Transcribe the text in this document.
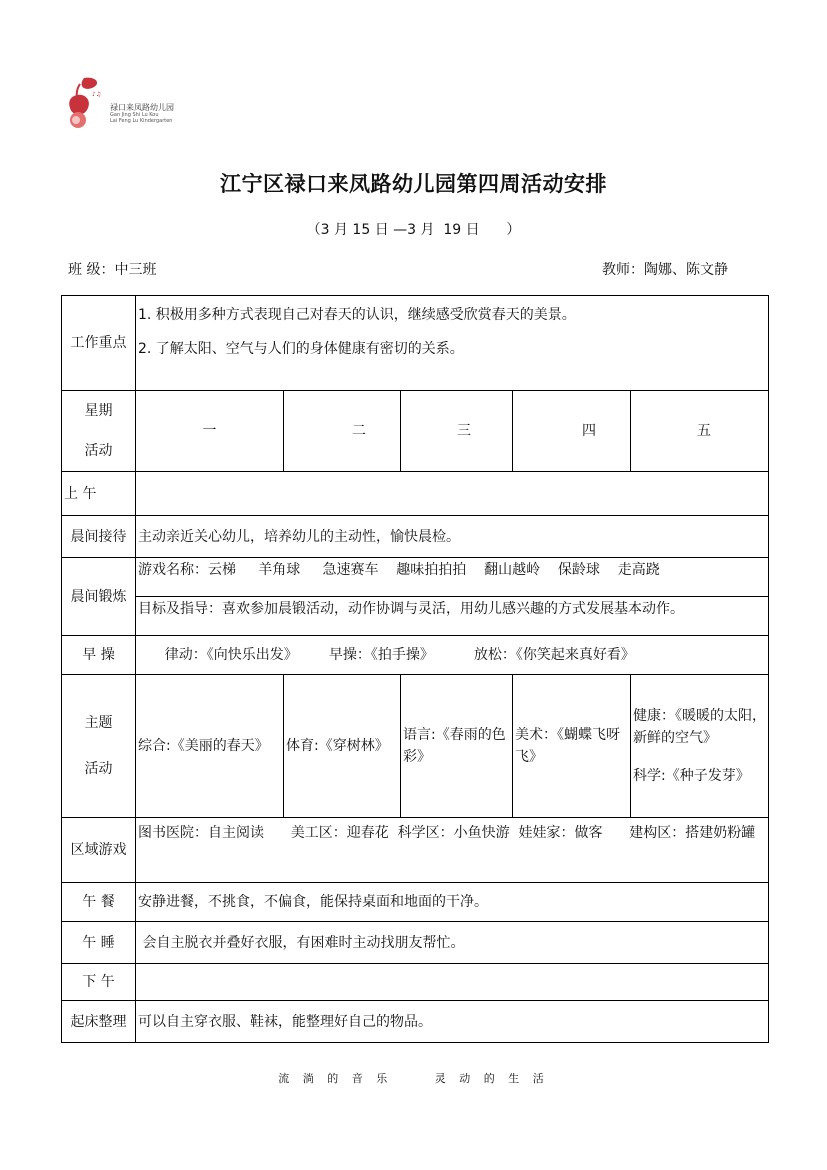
♪♫
禄口来凤路幼儿园
Gan Jing Shi Lu Kou
Lai Feng Lu Kindergarten
江宁区禄口来凤路幼儿园第四周活动安排
（3 月 15 日 —3 月  19 日      ）
班 级：中三班	教师：陶娜、陈文静
工作重点	1. 积极用多种方式表现自己对春天的认识，继续感受欣赏春天的美景。
2. 了解太阳、空气与人们的身体健康有密切的关系。				

星期
活动	一	二	三	四	五
上 午					
晨间接待	主动亲近关心幼儿，培养幼儿的主动性，愉快晨检。				
晨间锻炼	游戏名称：云梯     羊角球     急速赛车    趣味拍拍拍    翻山越岭    保龄球    走高跷
目标及指导：喜欢参加晨锻活动，动作协调与灵活，用幼儿感兴趣的方式发展基本动作。				

早 操	律动：《向快乐出发》       早操：《拍手操》         放松：《你笑起来真好看》				

主题
活动	综合:《美丽的春天》	体育:《穿树林》	语言:《春雨的色彩》	美术：《蝴蝶飞呀飞》	健康：《暖暖的太阳，新鲜的空气》
科学:《种子发芽》

区域游戏	图书医院：自主阅读      美工区：迎春花  科学区：小鱼快游  娃娃家：做客      建构区：搭建奶粉罐				
午 餐	安静进餐，不挑食，不偏食，能保持桌面和地面的干净。				
午 睡	会自主脱衣并叠好衣服，有困难时主动找朋友帮忙。				
下 午					
起床整理	可以自主穿衣服、鞋袜，能整理好自己的物品。				
流 淌 的 音 乐     灵 动 的 生 活
